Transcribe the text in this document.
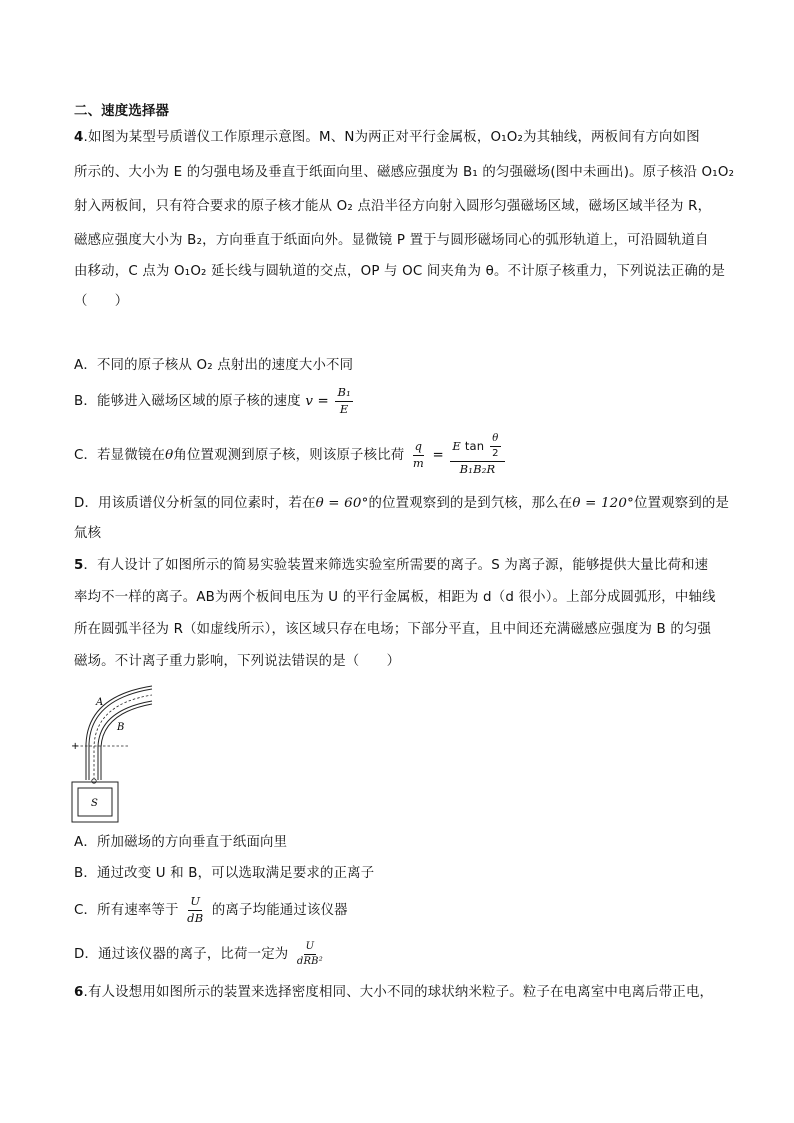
二、速度选择器
4.如图为某型号质谱仪工作原理示意图。M、N为两正对平行金属板，O₁O₂为其轴线，两板间有方向如图
所示的、大小为 E 的匀强电场及垂直于纸面向里、磁感应强度为 B₁ 的匀强磁场(图中未画出)。原子核沿 O₁O₂
射入两板间，只有符合要求的原子核才能从 O₂ 点沿半径方向射入圆形匀强磁场区域，磁场区域半径为 R，
磁感应强度大小为 B₂，方向垂直于纸面向外。显微镜 P 置于与圆形磁场同心的弧形轨道上，可沿圆轨道自
由移动，C 点为 O₁O₂ 延长线与圆轨道的交点，OP 与 OC 间夹角为 θ。不计原子核重力，下列说法正确的是
（　　）
A．不同的原子核从 O₂ 点射出的速度大小不同
B．能够进入磁场区域的原子核的速度 $v = \frac{\text{B₁}}{E}$
C．若显微镜在θ角位置观测到原子核，则该原子核比荷 $\frac{q}{m} = \frac{E \tan \frac{\theta}{2}}{\text{B₁B₂R}}$
D．用该质谱仪分析氢的同位素时，若在θ = 60°的位置观察到的是到氕核，那么在θ = 120°位置观察到的是
氚核
5．有人设计了如图所示的简易实验装置来筛选实验室所需要的离子。S 为离子源，能够提供大量比荷和速
率均不一样的离子。AB为两个板间电压为 U 的平行金属板，相距为 d（d 很小）。上部分成圆弧形，中轴线
所在圆弧半径为 R（如虚线所示），该区域只存在电场；下部分平直，且中间还充满磁感应强度为 B 的匀强
磁场。不计离子重力影响，下列说法错误的是（　　）
+
A
B
S
A．所加磁场的方向垂直于纸面向里
B．通过改变 U 和 B，可以选取满足要求的正离子
C．所有速率等于 $\frac{U}{dB}$ 的离子均能通过该仪器
D．通过该仪器的离子，比荷一定为 $\frac{U}{\text{dRB²}}$
6.有人设想用如图所示的装置来选择密度相同、大小不同的球状纳米粒子。粒子在电离室中电离后带正电，
